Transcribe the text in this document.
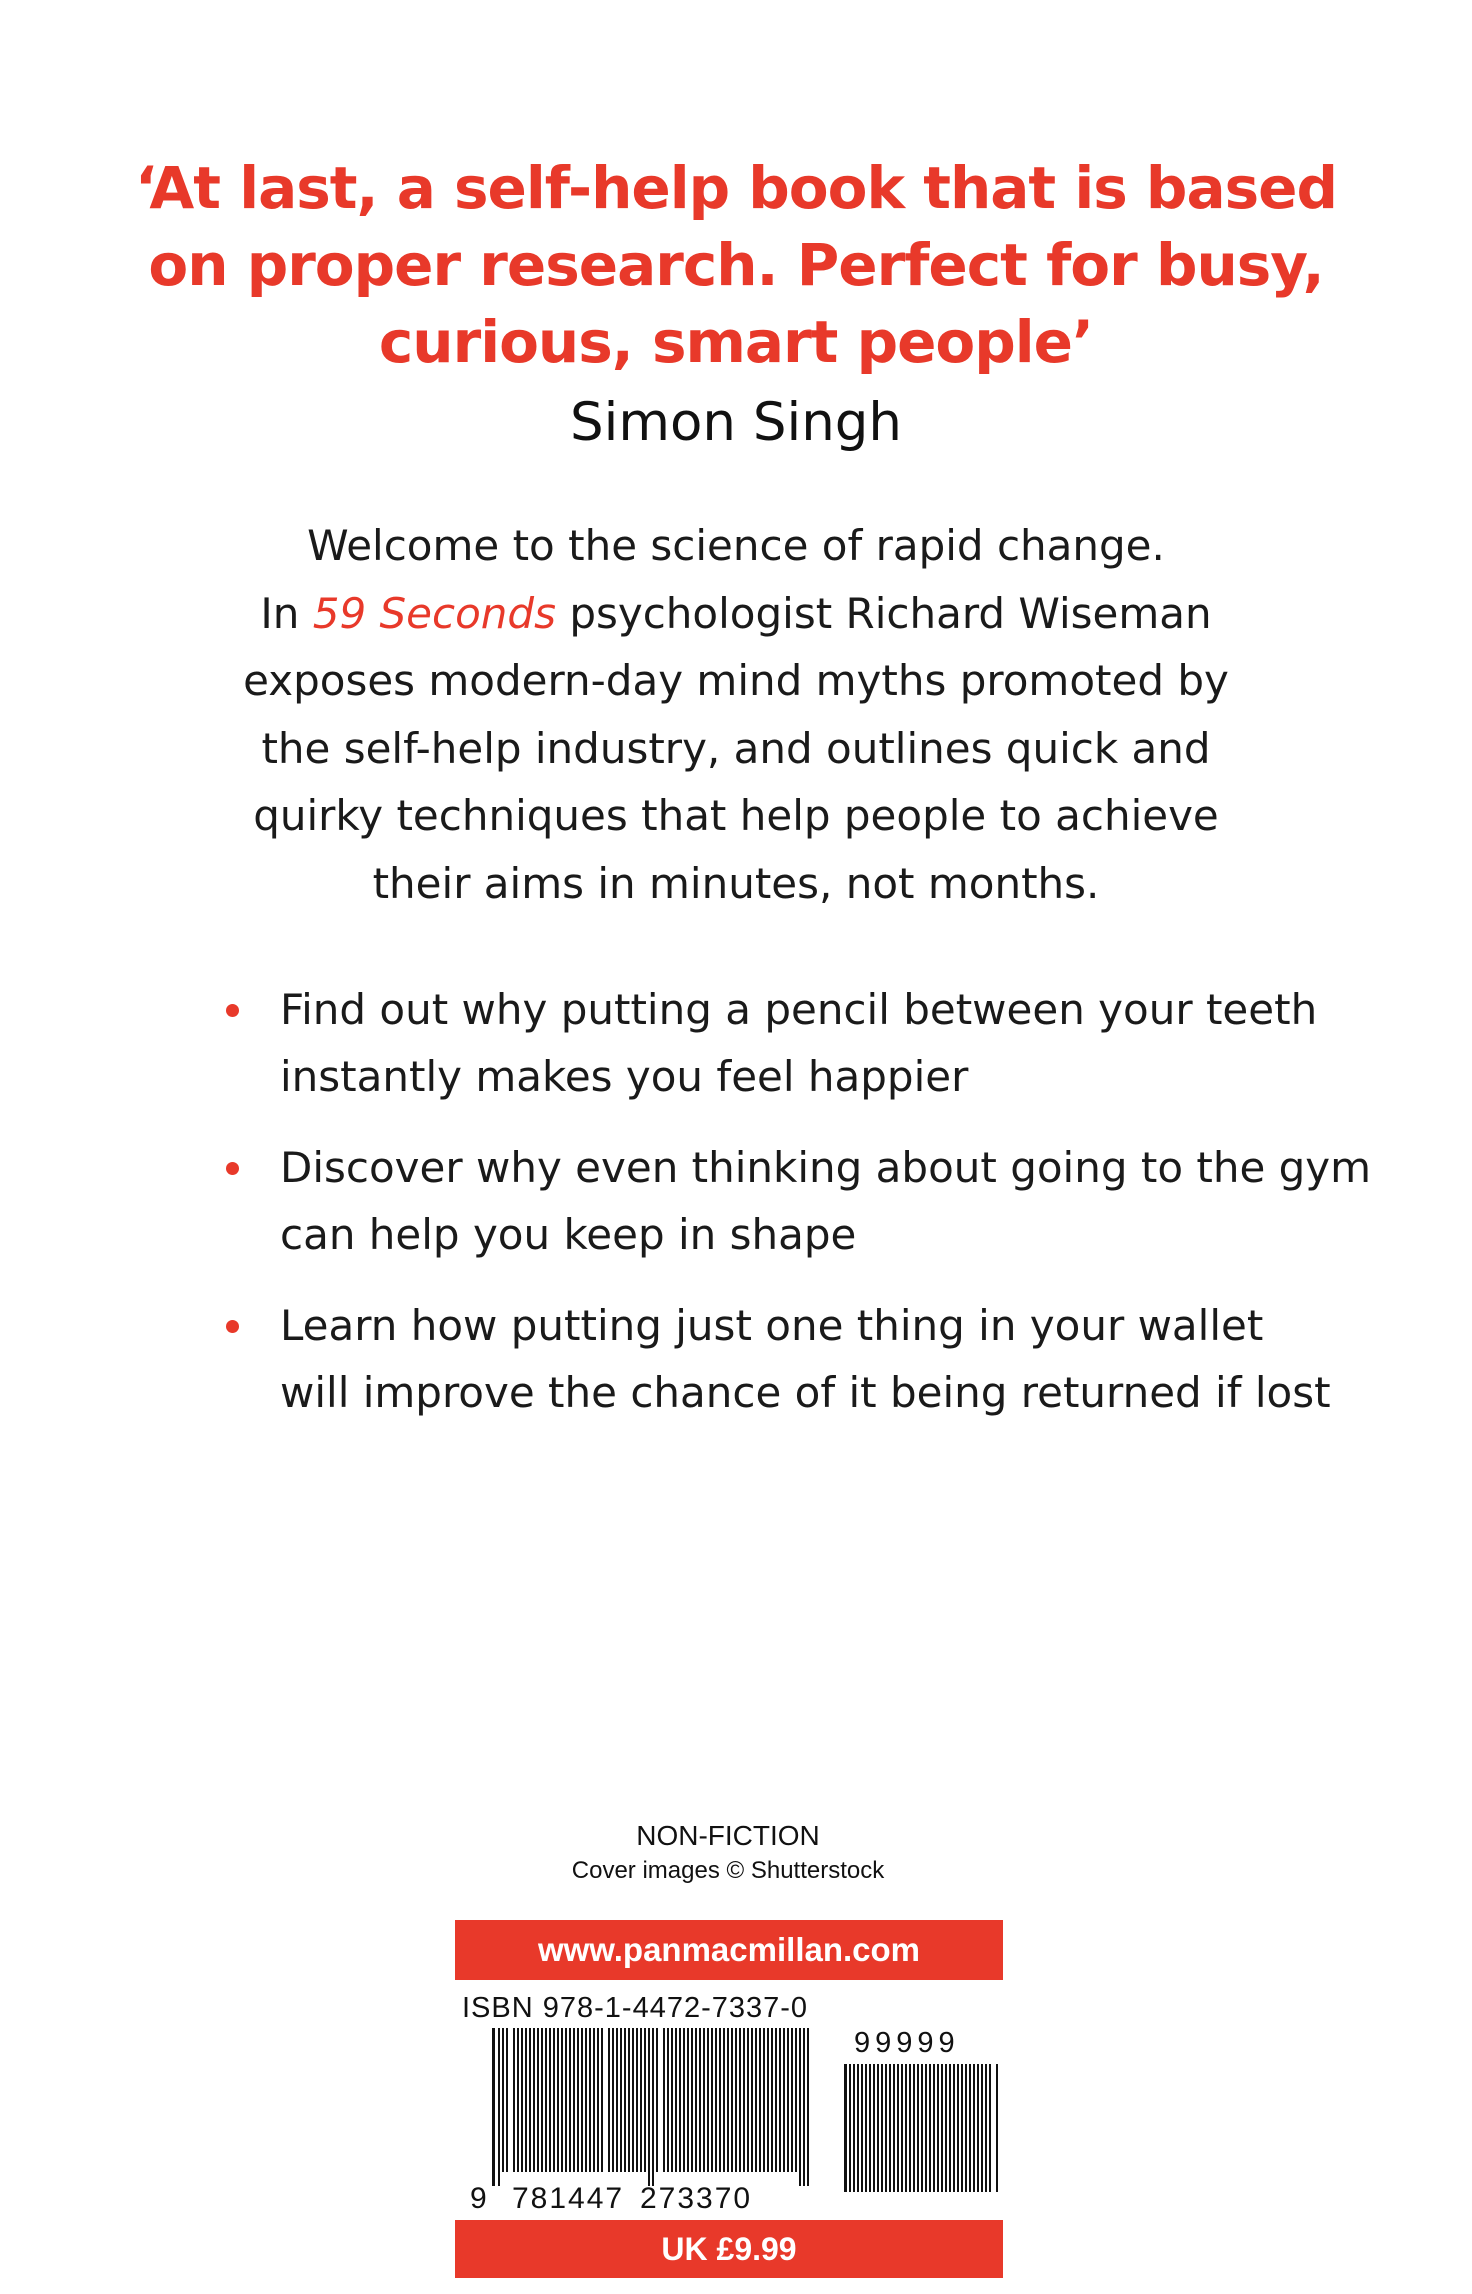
‘At last, a self-help book that is based
on proper research. Perfect for busy,
curious, smart people’
Simon Singh
Welcome to the science of rapid change.
In 59 Seconds psychologist Richard Wiseman
exposes modern-day mind myths promoted by
the self-help industry, and outlines quick and
quirky techniques that help people to achieve
their aims in minutes, not months.
Find out why putting a pencil between your teeth
instantly makes you feel happier
Discover why even thinking about going to the gym
can help you keep in shape
Learn how putting just one thing in your wallet
will improve the chance of it being returned if lost
NON-FICTION
Cover images © Shutterstock
www.panmacmillan.com
ISBN 978-1-4472-7337-0
9 781447 273370
99999
UK £9.99
